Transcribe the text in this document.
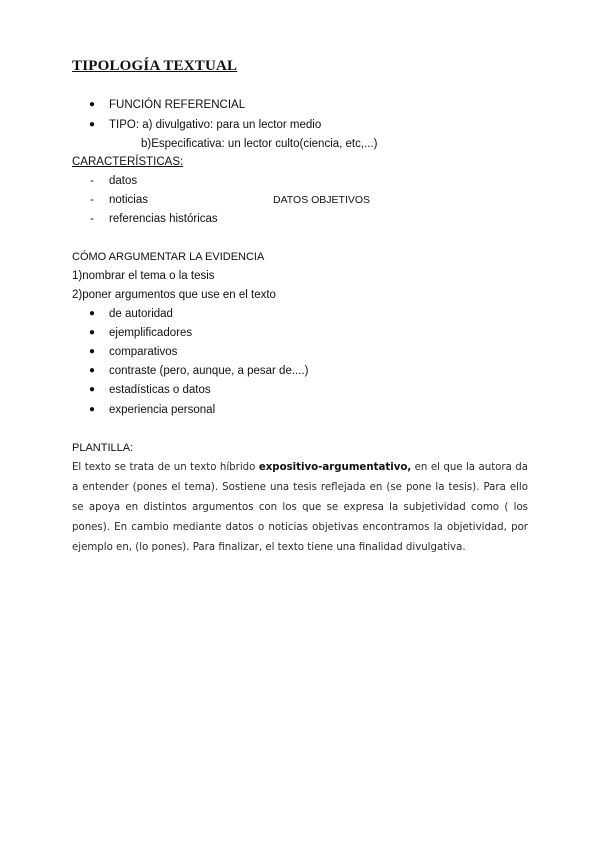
TIPOLOGÍA TEXTUAL
● FUNCIÓN REFERENCIAL
● TIPO: a) divulgativo: para un lector medio
b)Especificativa: un lector culto(ciencia, etc,...)
CARACTERÍSTICAS:
- datos
- noticias	DATOS OBJETIVOS
- referencias históricas
CÓMO ARGUMENTAR LA EVIDENCIA
1)nombrar el tema o la tesis
2)poner argumentos que use en el texto
● de autoridad
● ejemplificadores
● comparativos
● contraste (pero, aunque, a pesar de....)
● estadísticas o datos
● experiencia personal
PLANTILLA:
El texto se trata de un texto híbrido expositivo-argumentativo, en el que la autora da a entender (pones el tema). Sostiene una tesis reflejada en (se pone la tesis). Para ello se apoya en distintos argumentos con los que se expresa la subjetividad como ( los pones). En cambio mediante datos o noticias objetivas encontramos la objetividad, por ejemplo en, (lo pones). Para finalizar, el texto tiene una finalidad divulgativa.
